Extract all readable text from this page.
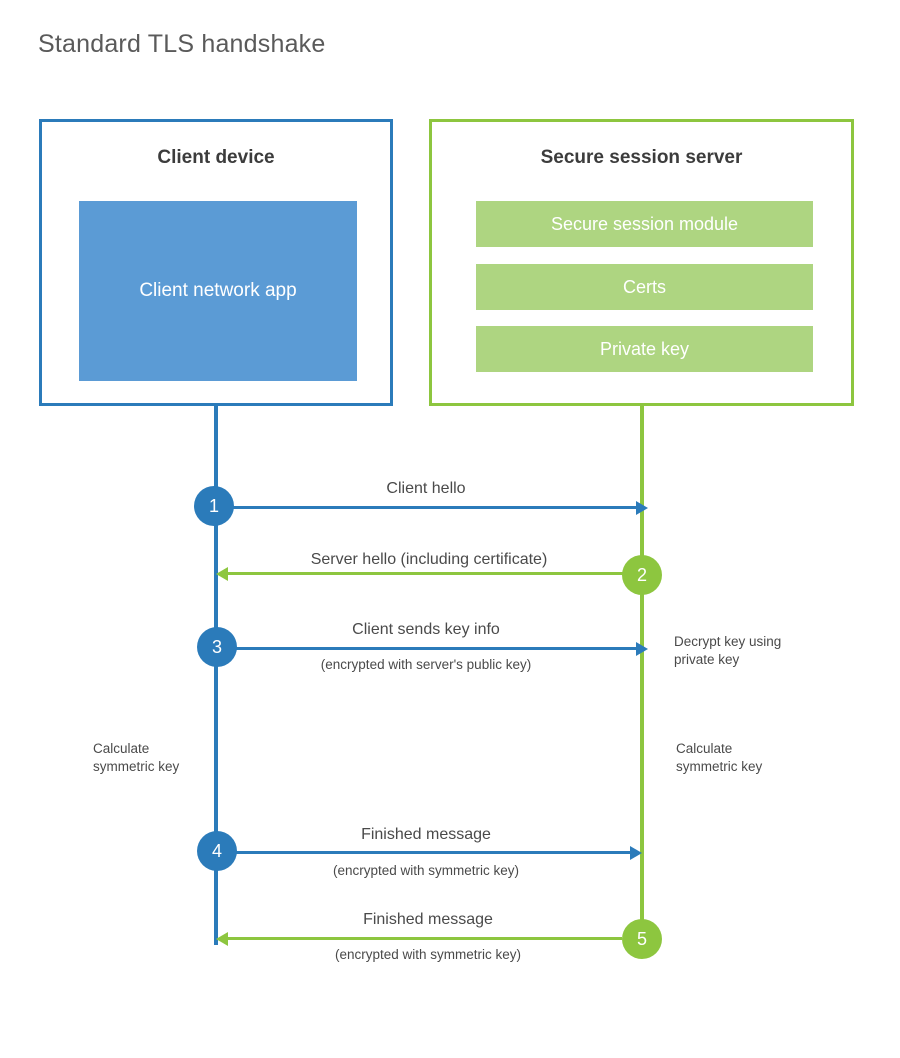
Standard TLS handshake
Client device
Client network app
Secure session server
Secure session module
Certs
Private key
Client hello
1
Server hello (including certificate)
2
Client sends key info
(encrypted with server's public key)
3	Decrypt key using
private key
Calculate
symmetric key
Calculate
symmetric key
Finished message
(encrypted with symmetric key)
4
Finished message
(encrypted with symmetric key)
5
